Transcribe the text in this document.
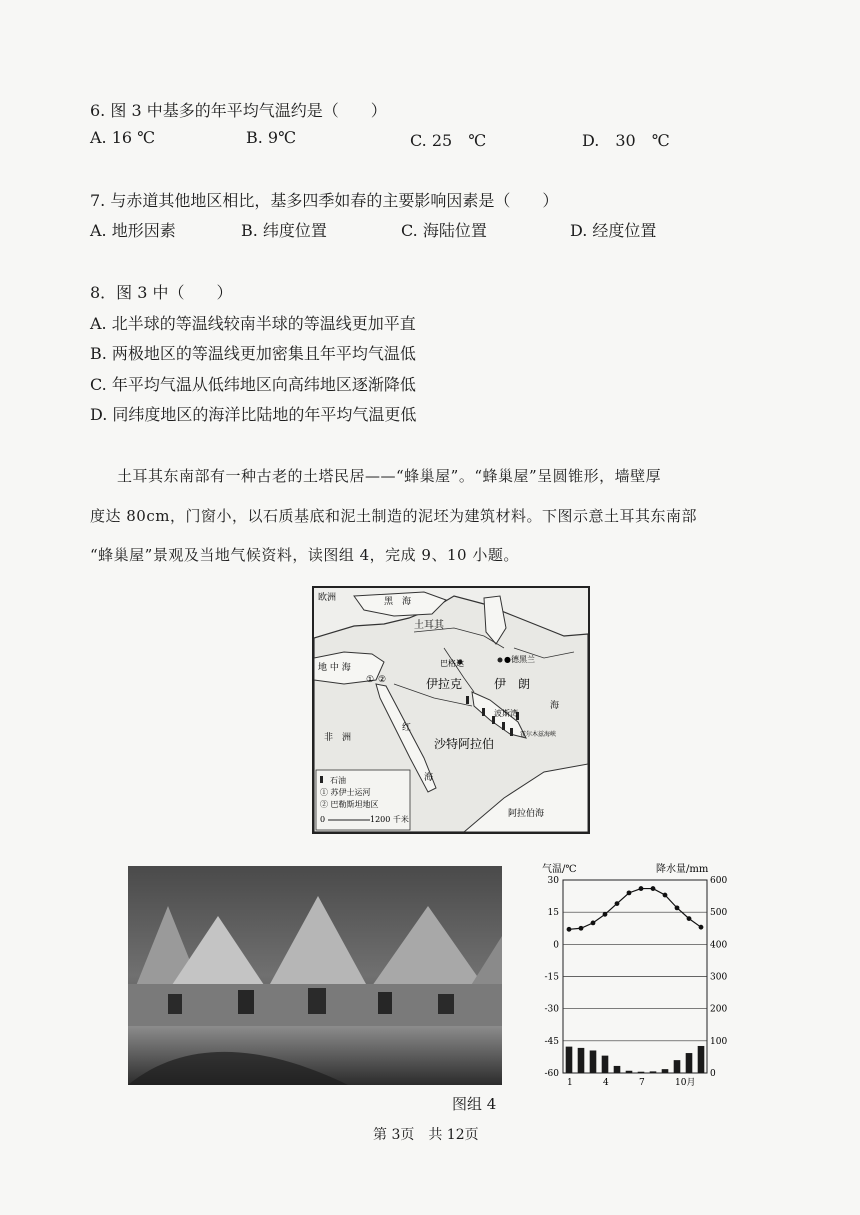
6. 图 3 中基多的年平均气温约是（　　）
A. 16 ℃	B. 9℃	C. 25　℃	D.　30　℃
7. 与赤道其他地区相比，基多四季如春的主要影响因素是（　　）
A. 地形因素	B. 纬度位置	C. 海陆位置	D. 经度位置
8．图 3 中（　　）
A. 北半球的等温线较南半球的等温线更加平直
B. 两极地区的等温线更加密集且年平均气温低
C. 年平均气温从低纬地区向高纬地区逐渐降低
D. 同纬度地区的海洋比陆地的年平均气温更低
土耳其东南部有一种古老的土塔民居——“蜂巢屋”。“蜂巢屋”呈圆锥形，墙壁厚
度达 80cm，门窗小，以石质基底和泥土制造的泥坯为建筑材料。下图示意土耳其东南部
“蜂巢屋”景观及当地气候资料，读图组 4，完成 9、10 小题。
欧洲	黑　海
土耳其
地 中 海	巴格达	●德黑兰
伊拉克	伊　朗
沙特阿拉伯
非　洲
红
海
阿拉伯海
波斯湾
霍尔木兹海峡
海
① ②
石油
① 苏伊士运河
② 巴勒斯坦地区
0	1200 千米
气温/℃	降水量/mm
30
15
0
-15
-30
-45
-60
600
500
400
300
200
100
0
1	4	7	10月
图组 4
第 3页　共 12页
